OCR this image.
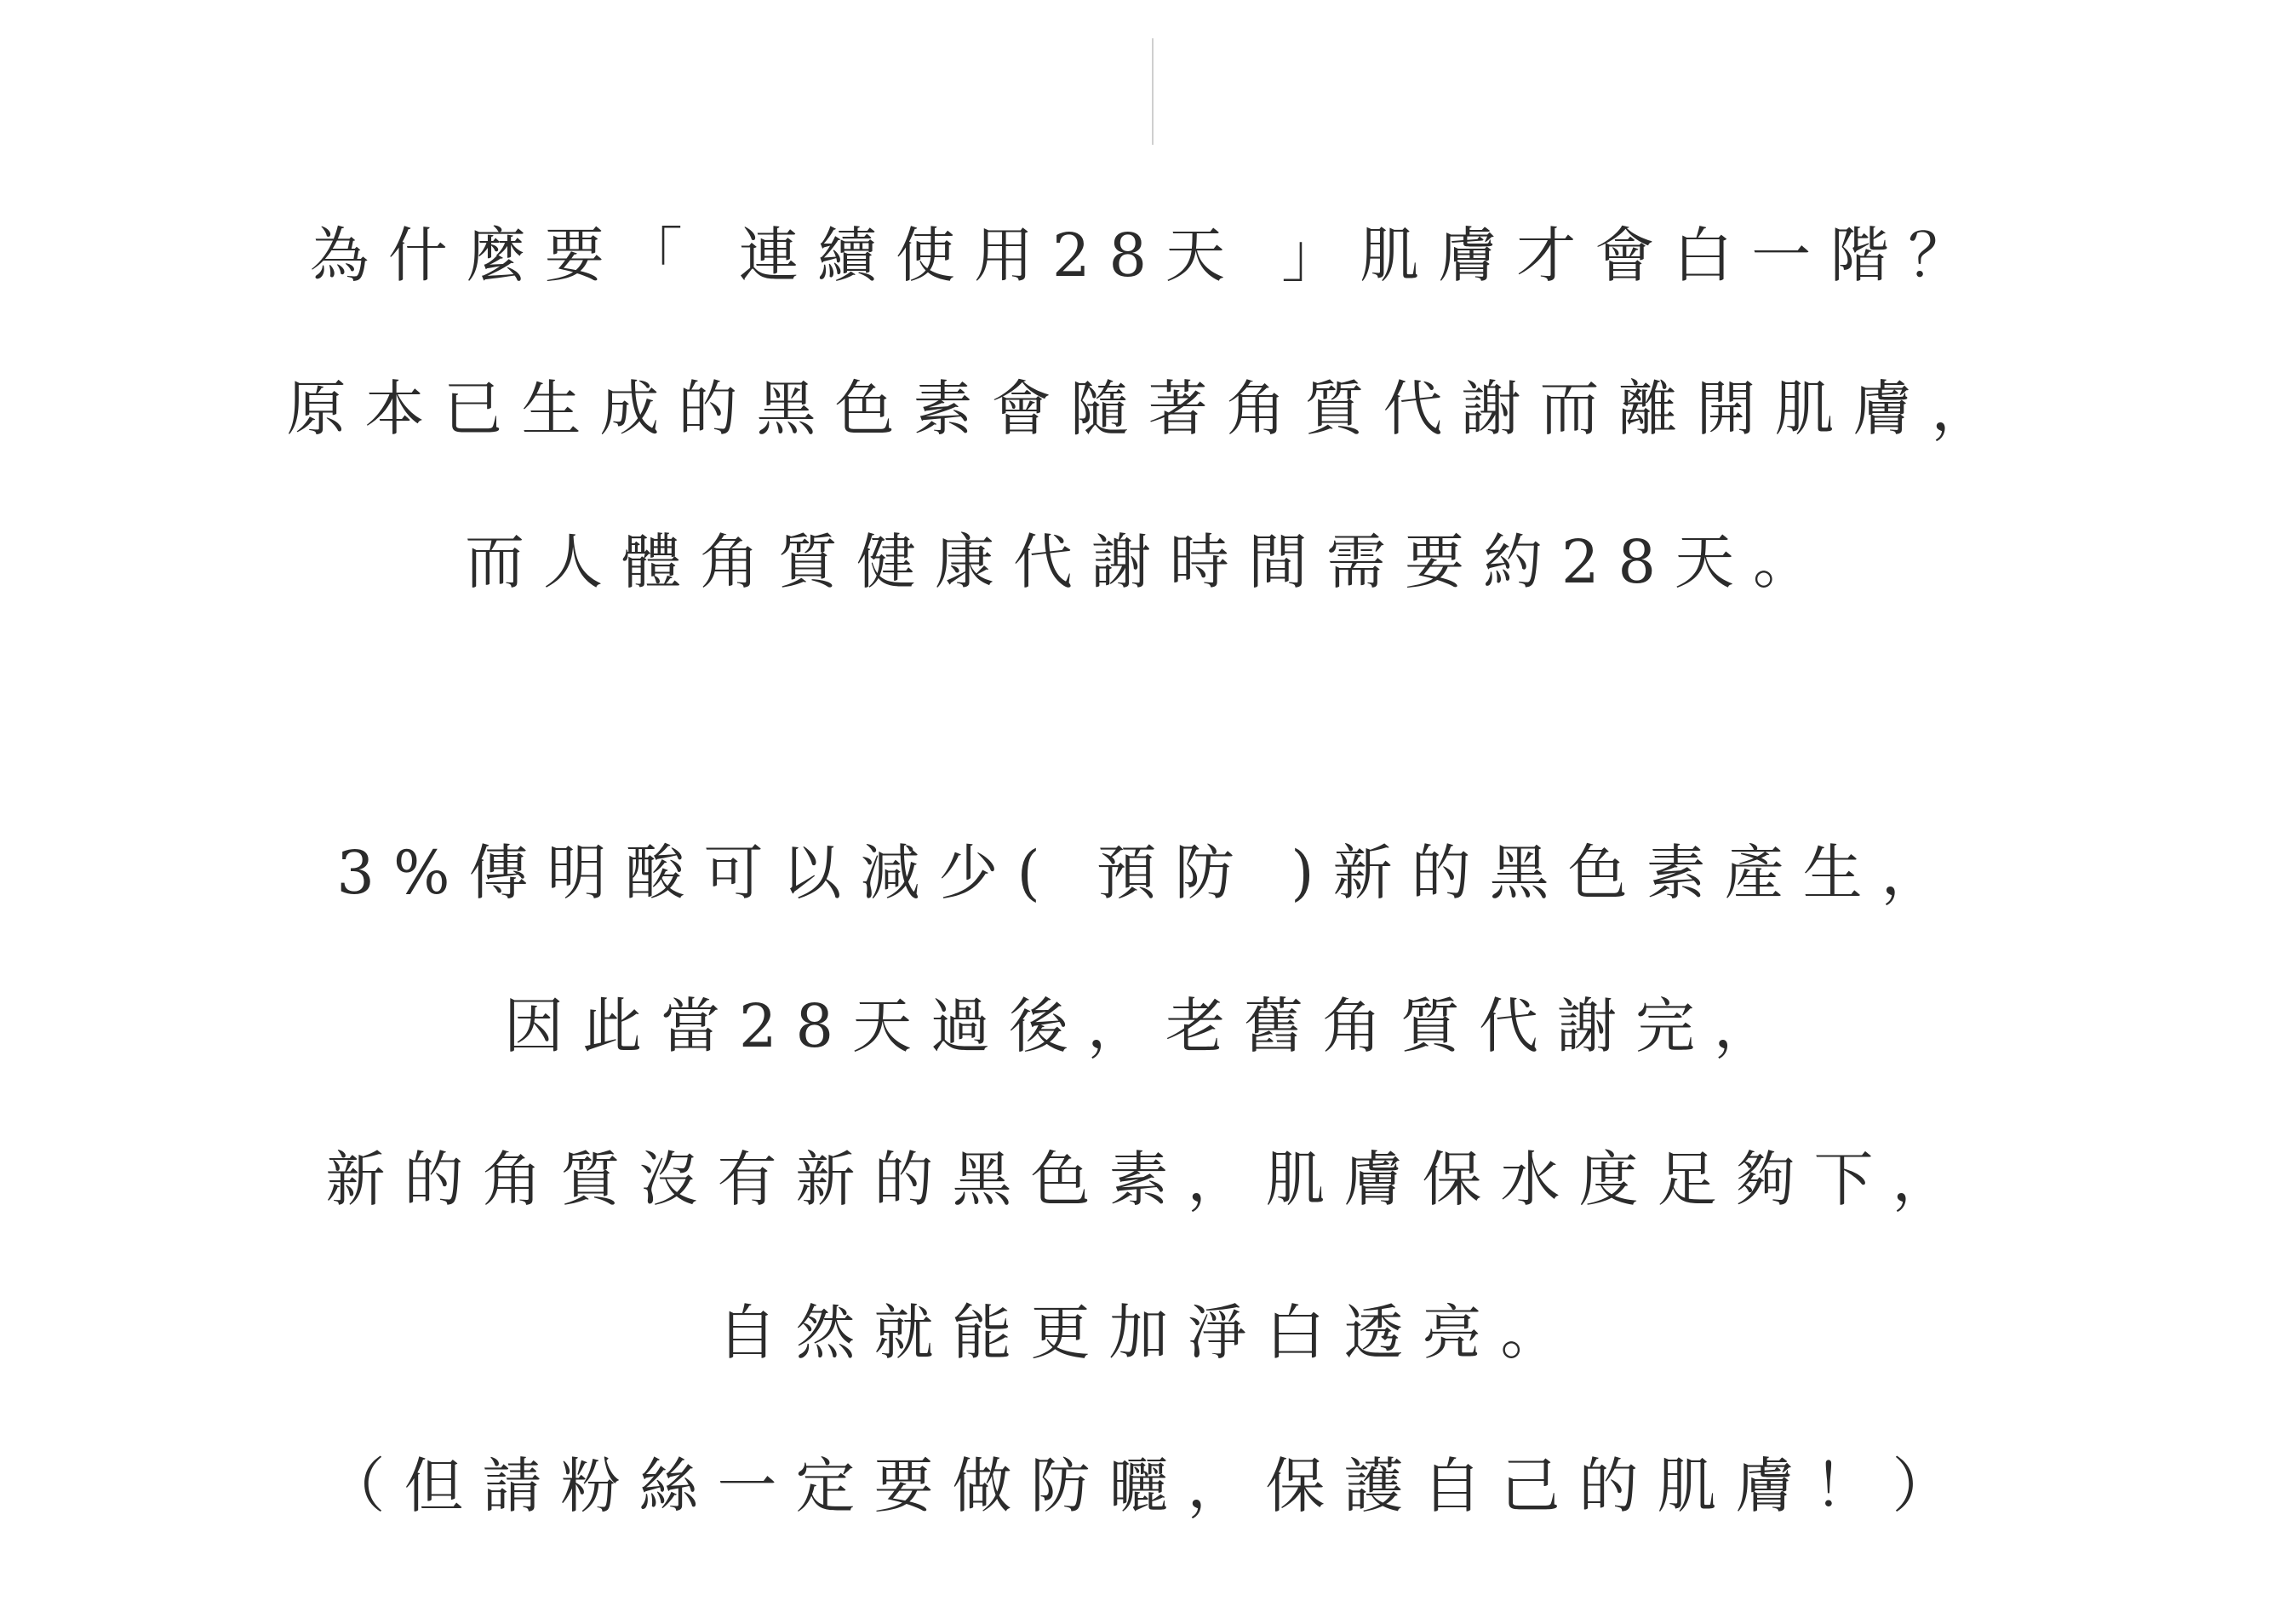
為什麼要「 連續使用28天 」肌膚才會白一階？
原本已生成的黑色素會隨著角質代謝而離開肌膚，
而人體角質健康代謝時間需要約28天。
3%傳明酸可以減少( 預防 )新的黑色素產生，
因此當28天過後，老舊角質代謝完，
新的角質沒有新的黑色素，肌膚保水度足夠下，
自然就能更加淨白透亮。
（但請粉絲一定要做防曬，保護自己的肌膚！）
